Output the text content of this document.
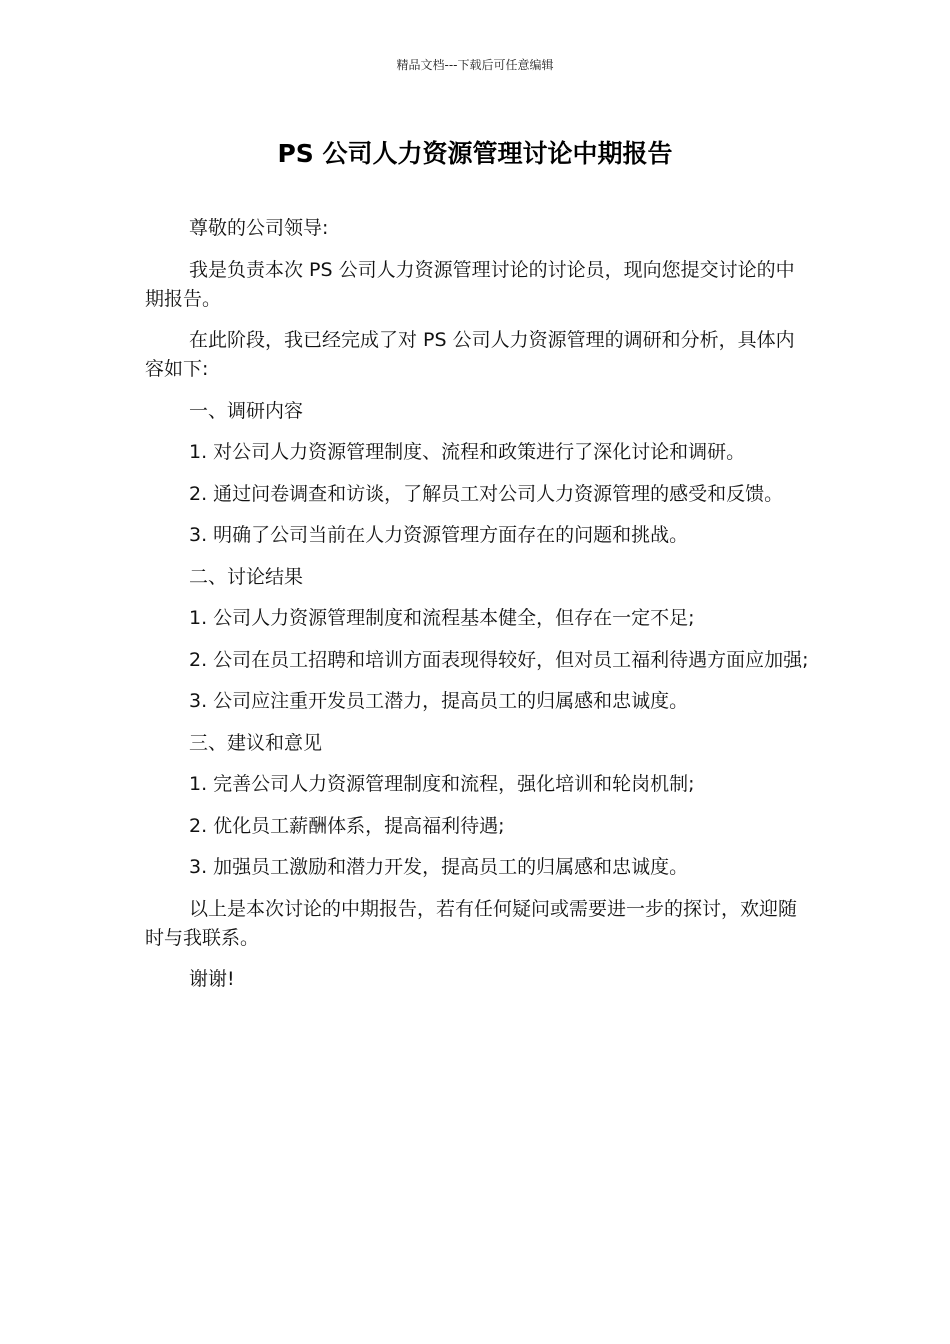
精品文档---下载后可任意编辑
PS 公司人力资源管理讨论中期报告

尊敬的公司领导:

我是负责本次 PS 公司人力资源管理讨论的讨论员，现向您提交讨论的中期报告。

在此阶段，我已经完成了对 PS 公司人力资源管理的调研和分析，具体内容如下:

一、调研内容

1. 对公司人力资源管理制度、流程和政策进行了深化讨论和调研。

2. 通过问卷调查和访谈，了解员工对公司人力资源管理的感受和反馈。

3. 明确了公司当前在人力资源管理方面存在的问题和挑战。

二、讨论结果

1. 公司人力资源管理制度和流程基本健全，但存在一定不足;

2. 公司在员工招聘和培训方面表现得较好，但对员工福利待遇方面应加强;

3. 公司应注重开发员工潜力，提高员工的归属感和忠诚度。

三、建议和意见

1. 完善公司人力资源管理制度和流程，强化培训和轮岗机制;

2. 优化员工薪酬体系，提高福利待遇;

3. 加强员工激励和潜力开发，提高员工的归属感和忠诚度。

以上是本次讨论的中期报告，若有任何疑问或需要进一步的探讨，欢迎随时与我联系。

谢谢!
